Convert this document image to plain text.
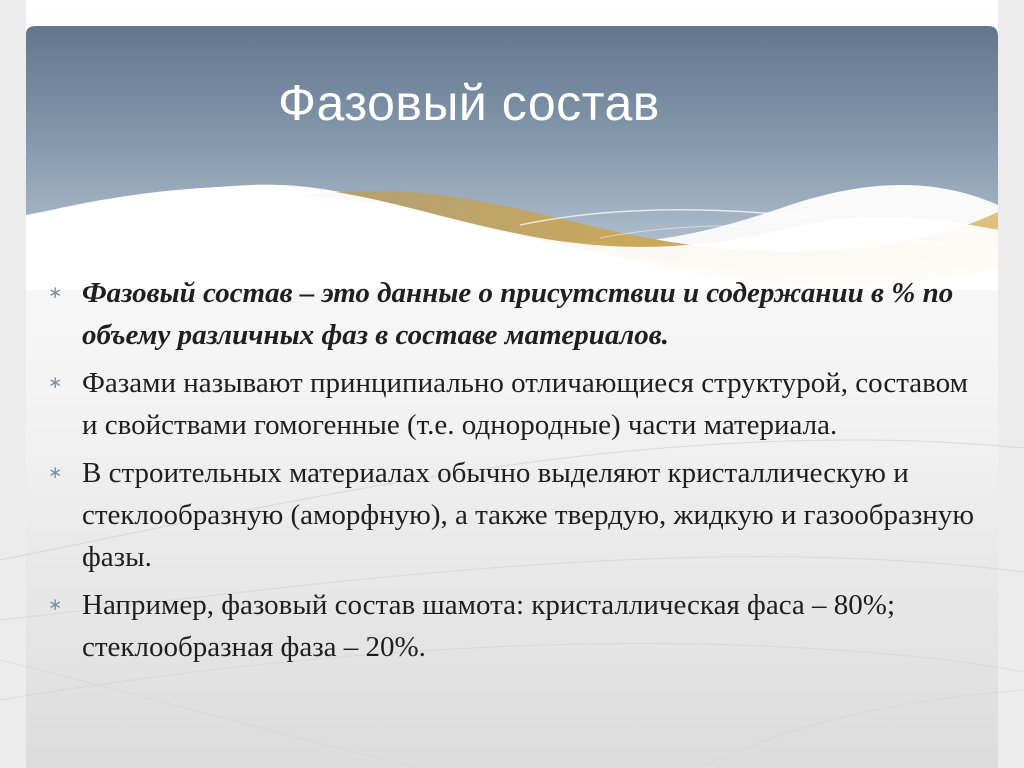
Фазовый состав
∗ Фазовый состав – это данные о присутствии и содержании в % по объему различных фаз в составе материалов.
∗ Фазами называют принципиально отличающиеся структурой, составом и свойствами гомогенные (т.е. однородные) части материала.
∗ В строительных материалах обычно выделяют кристаллическую и стеклообразную (аморфную), а также твердую, жидкую и газообразную фазы.
∗ Например, фазовый состав шамота: кристаллическая фаса – 80%; стеклообразная фаза – 20%.
